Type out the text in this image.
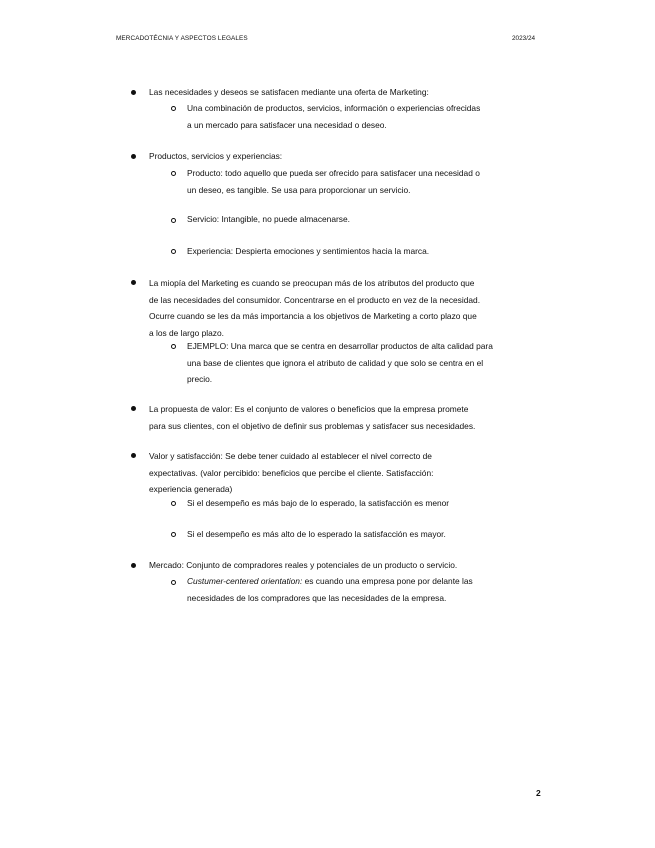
MERCADOTÉCNIA Y ASPECTOS LEGALES	2023/24
Las necesidades y deseos se satisfacen mediante una oferta de Marketing:
Una combinación de productos, servicios, información o experiencias ofrecidas
a un mercado para satisfacer una necesidad o deseo.
Productos, servicios y experiencias:
Producto: todo aquello que pueda ser ofrecido para satisfacer una necesidad o
un deseo, es tangible. Se usa para proporcionar un servicio.
Servicio: Intangible, no puede almacenarse.
Experiencia: Despierta emociones y sentimientos hacia la marca.
La miopía del Marketing es cuando se preocupan más de los atributos del producto que
de las necesidades del consumidor. Concentrarse en el producto en vez de la necesidad.
Ocurre cuando se les da más importancia a los objetivos de Marketing a corto plazo que
a los de largo plazo.
EJEMPLO: Una marca que se centra en desarrollar productos de alta calidad para
una base de clientes que ignora el atributo de calidad y que solo se centra en el
precio.
La propuesta de valor: Es el conjunto de valores o beneficios que la empresa promete
para sus clientes, con el objetivo de definir sus problemas y satisfacer sus necesidades.
Valor y satisfacción: Se debe tener cuidado al establecer el nivel correcto de
expectativas. (valor percibido: beneficios que percibe el cliente. Satisfacción:
experiencia generada)
Si el desempeño es más bajo de lo esperado, la satisfacción es menor
Si el desempeño es más alto de lo esperado la satisfacción es mayor.
Mercado: Conjunto de compradores reales y potenciales de un producto o servicio.
Custumer-centered orientation: es cuando una empresa pone por delante las
necesidades de los compradores que las necesidades de la empresa.
2
